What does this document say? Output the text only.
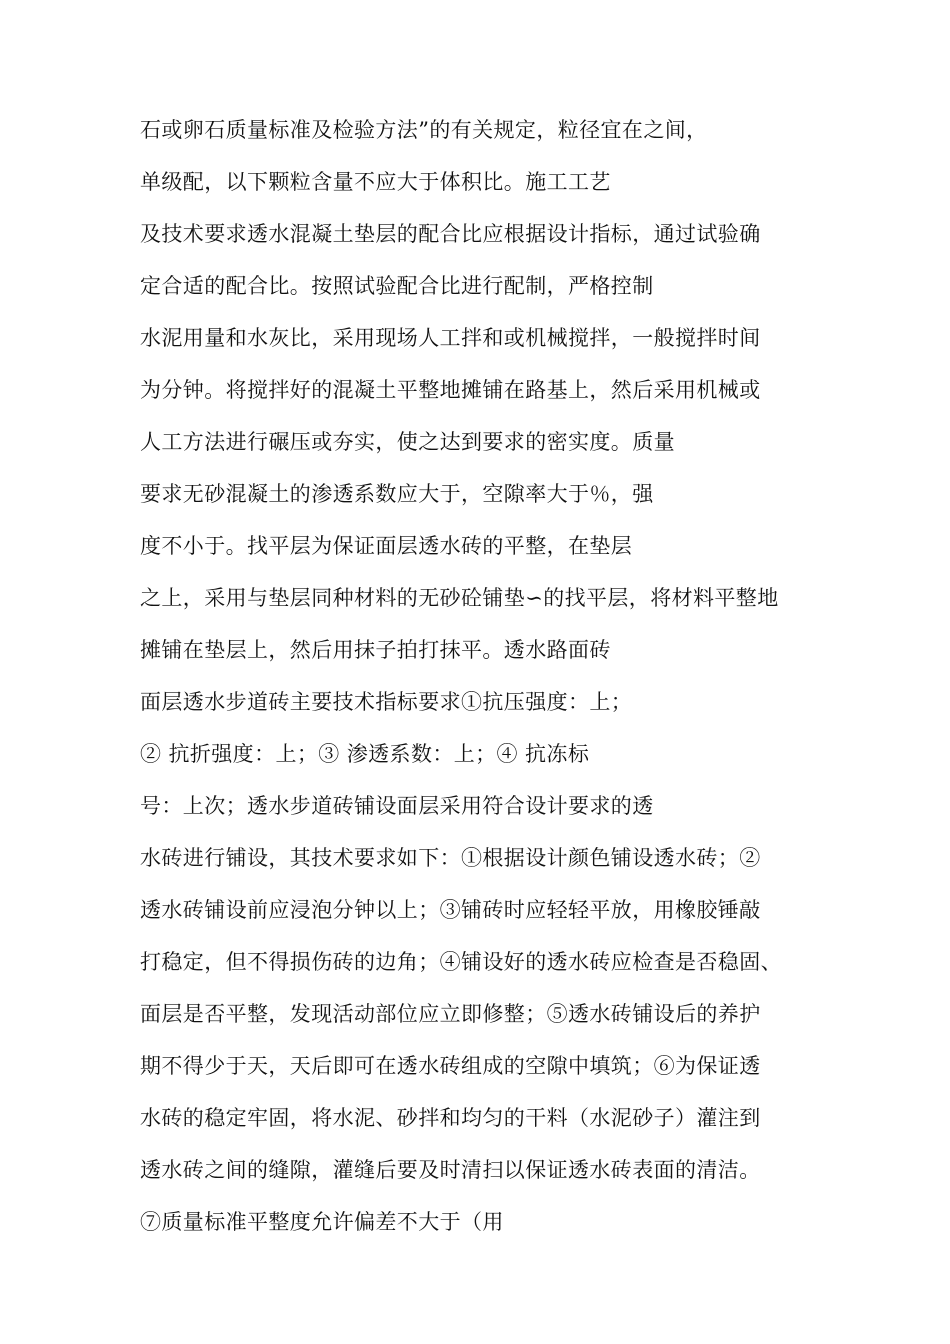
石或卵石质量标准及检验方法”的有关规定，粒径宜在之间，
单级配，以下颗粒含量不应大于体积比。施工工艺
及技术要求透水混凝土垫层的配合比应根据设计指标，通过试验确
定合适的配合比。按照试验配合比进行配制，严格控制
水泥用量和水灰比，采用现场人工拌和或机械搅拌，一般搅拌时间
为分钟。将搅拌好的混凝土平整地摊铺在路基上，然后采用机械或
人工方法进行碾压或夯实，使之达到要求的密实度。质量
要求无砂混凝土的渗透系数应大于，空隙率大于％，强
度不小于。找平层为保证面层透水砖的平整，在垫层
之上，采用与垫层同种材料的无砂砼铺垫∽的找平层，将材料平整地
摊铺在垫层上，然后用抹子拍打抹平。透水路面砖
面层透水步道砖主要技术指标要求①抗压强度：上；
② 抗折强度：上；③ 渗透系数：上；④ 抗冻标
号：上次；透水步道砖铺设面层采用符合设计要求的透
水砖进行铺设，其技术要求如下：①根据设计颜色铺设透水砖；②
透水砖铺设前应浸泡分钟以上；③铺砖时应轻轻平放，用橡胶锤敲
打稳定，但不得损伤砖的边角；④铺设好的透水砖应检查是否稳固、
面层是否平整，发现活动部位应立即修整；⑤透水砖铺设后的养护
期不得少于天，天后即可在透水砖组成的空隙中填筑；⑥为保证透
水砖的稳定牢固，将水泥、砂拌和均匀的干料（水泥砂子）灌注到
透水砖之间的缝隙，灌缝后要及时清扫以保证透水砖表面的清洁。
⑦质量标准平整度允许偏差不大于（用
